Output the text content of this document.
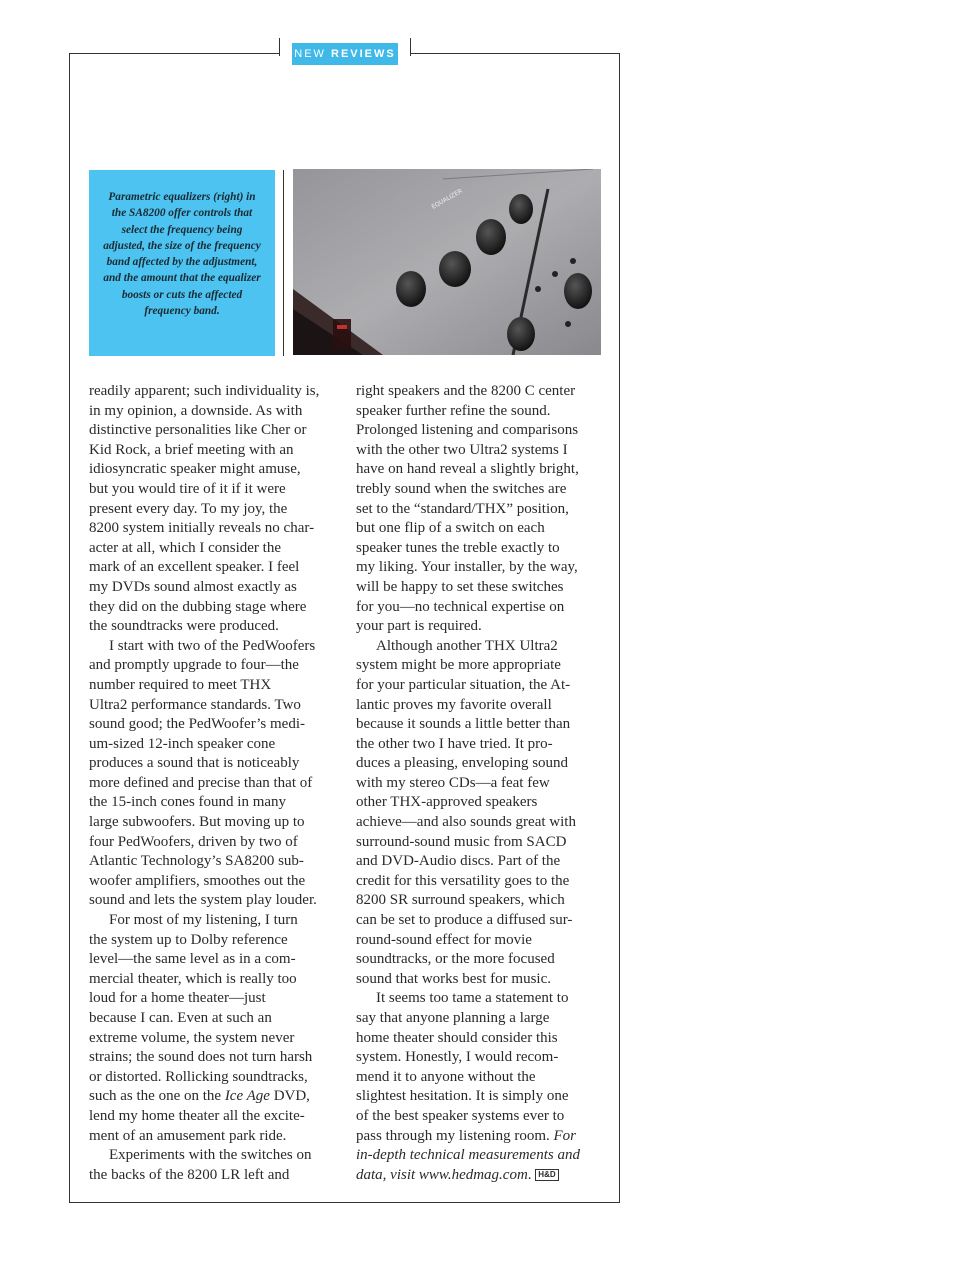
NEW REVIEWS
Parametric equalizers (right) in the SA8200 offer controls that select the frequency being adjusted, the size of the frequency band affected by the adjustment, and the amount that the equalizer boosts or cuts the affected frequency band.
EQUALIZER

readily apparent; such individuality is,
in my opinion, a downside. As with
distinctive personalities like Cher or
Kid Rock, a brief meeting with an
idiosyncratic speaker might amuse,
but you would tire of it if it were
present every day. To my joy, the
8200 system initially reveals no char-
acter at all, which I consider the
mark of an excellent speaker. I feel
my DVDs sound almost exactly as
they did on the dubbing stage where
the soundtracks were produced.

I start with two of the PedWoofers
and promptly upgrade to four—the
number required to meet THX
Ultra2 performance standards. Two
sound good; the PedWoofer’s medi-
um-sized 12-inch speaker cone
produces a sound that is noticeably
more defined and precise than that of
the 15-inch cones found in many
large subwoofers. But moving up to
four PedWoofers, driven by two of
Atlantic Technology’s SA8200 sub-
woofer amplifiers, smoothes out the
sound and lets the system play louder.

For most of my listening, I turn
the system up to Dolby reference
level—the same level as in a com-
mercial theater, which is really too
loud for a home theater—just
because I can. Even at such an
extreme volume, the system never
strains; the sound does not turn harsh
or distorted. Rollicking soundtracks,
such as the one on the Ice Age DVD,
lend my home theater all the excite-
ment of an amusement park ride.

Experiments with the switches on
the backs of the 8200 LR left and

right speakers and the 8200 C center
speaker further refine the sound.
Prolonged listening and comparisons
with the other two Ultra2 systems I
have on hand reveal a slightly bright,
trebly sound when the switches are
set to the “standard/THX” position,
but one flip of a switch on each
speaker tunes the treble exactly to
my liking. Your installer, by the way,
will be happy to set these switches
for you—no technical expertise on
your part is required.

Although another THX Ultra2
system might be more appropriate
for your particular situation, the At-
lantic proves my favorite overall
because it sounds a little better than
the other two I have tried. It pro-
duces a pleasing, enveloping sound
with my stereo CDs—a feat few
other THX-approved speakers
achieve—and also sounds great with
surround-sound music from SACD
and DVD-Audio discs. Part of the
credit for this versatility goes to the
8200 SR surround speakers, which
can be set to produce a diffused sur-
round-sound effect for movie
soundtracks, or the more focused
sound that works best for music.

It seems too tame a statement to
say that anyone planning a large
home theater should consider this
system. Honestly, I would recom-
mend it to anyone without the
slightest hesitation. It is simply one
of the best speaker systems ever to
pass through my listening room. For
in-depth technical measurements and
data, visit www.hedmag.com. H&D
